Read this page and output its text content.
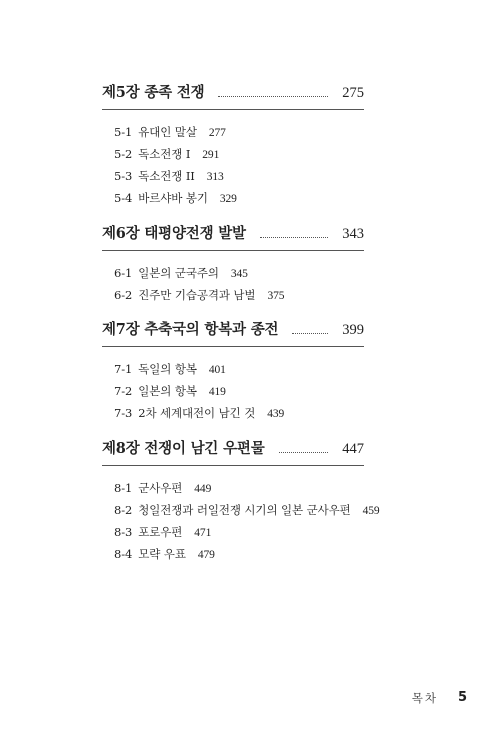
제5장 종족 전쟁	275
5-1 유대인 말살 277
5-2 독소전쟁 I 291
5-3 독소전쟁 II 313
5-4 바르샤바 봉기 329
제6장 태평양전쟁 발발	343
6-1 일본의 군국주의 345
6-2 진주만 기습공격과 남벌 375
제7장 추축국의 항복과 종전	399
7-1 독일의 항복 401
7-2 일본의 항복 419
7-3 2차 세계대전이 남긴 것 439
제8장 전쟁이 남긴 우편물	447
8-1 군사우편 449
8-2 청일전쟁과 러일전쟁 시기의 일본 군사우편 459
8-3 포로우편 471
8-4 모략 우표 479
목차 5
